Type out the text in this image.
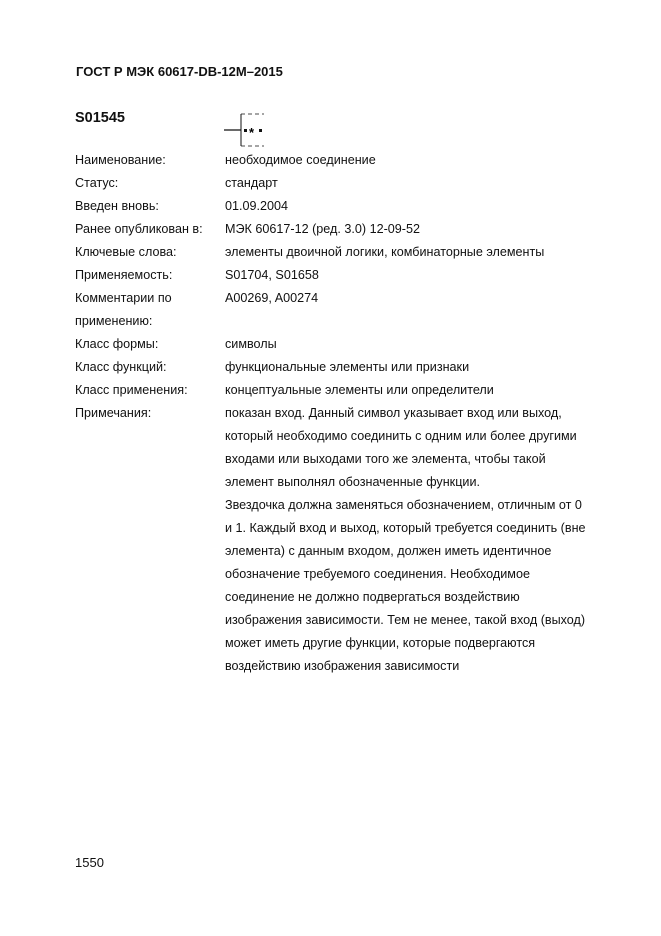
ГОСТ Р МЭК 60617-DB-12M–2015
S01545
*
Наименование:	необходимое соединение
Статус:	стандарт
Введен вновь:	01.09.2004
Ранее опубликован в:	МЭК 60617-12 (ред. 3.0) 12-09-52
Ключевые слова:	элементы двоичной логики, комбинаторные элементы
Применяемость:	S01704, S01658
Комментарии по	A00269, A00274
применению:
Класс формы:	символы
Класс функций:	функциональные элементы или признаки
Класс применения:	концептуальные элементы или определители
Примечания:	показан вход. Данный символ указывает вход или выход,
который необходимо соединить с одним или более другими
входами или выходами того же элемента, чтобы такой
элемент выполнял обозначенные функции.
Звездочка должна заменяться обозначением, отличным от 0
и 1. Каждый вход и выход, который требуется соединить (вне
элемента) с данным входом, должен иметь идентичное
обозначение требуемого соединения. Необходимое
соединение не должно подвергаться воздействию
изображения зависимости. Тем не менее, такой вход (выход)
может иметь другие функции, которые подвергаются
воздействию изображения зависимости
1550
